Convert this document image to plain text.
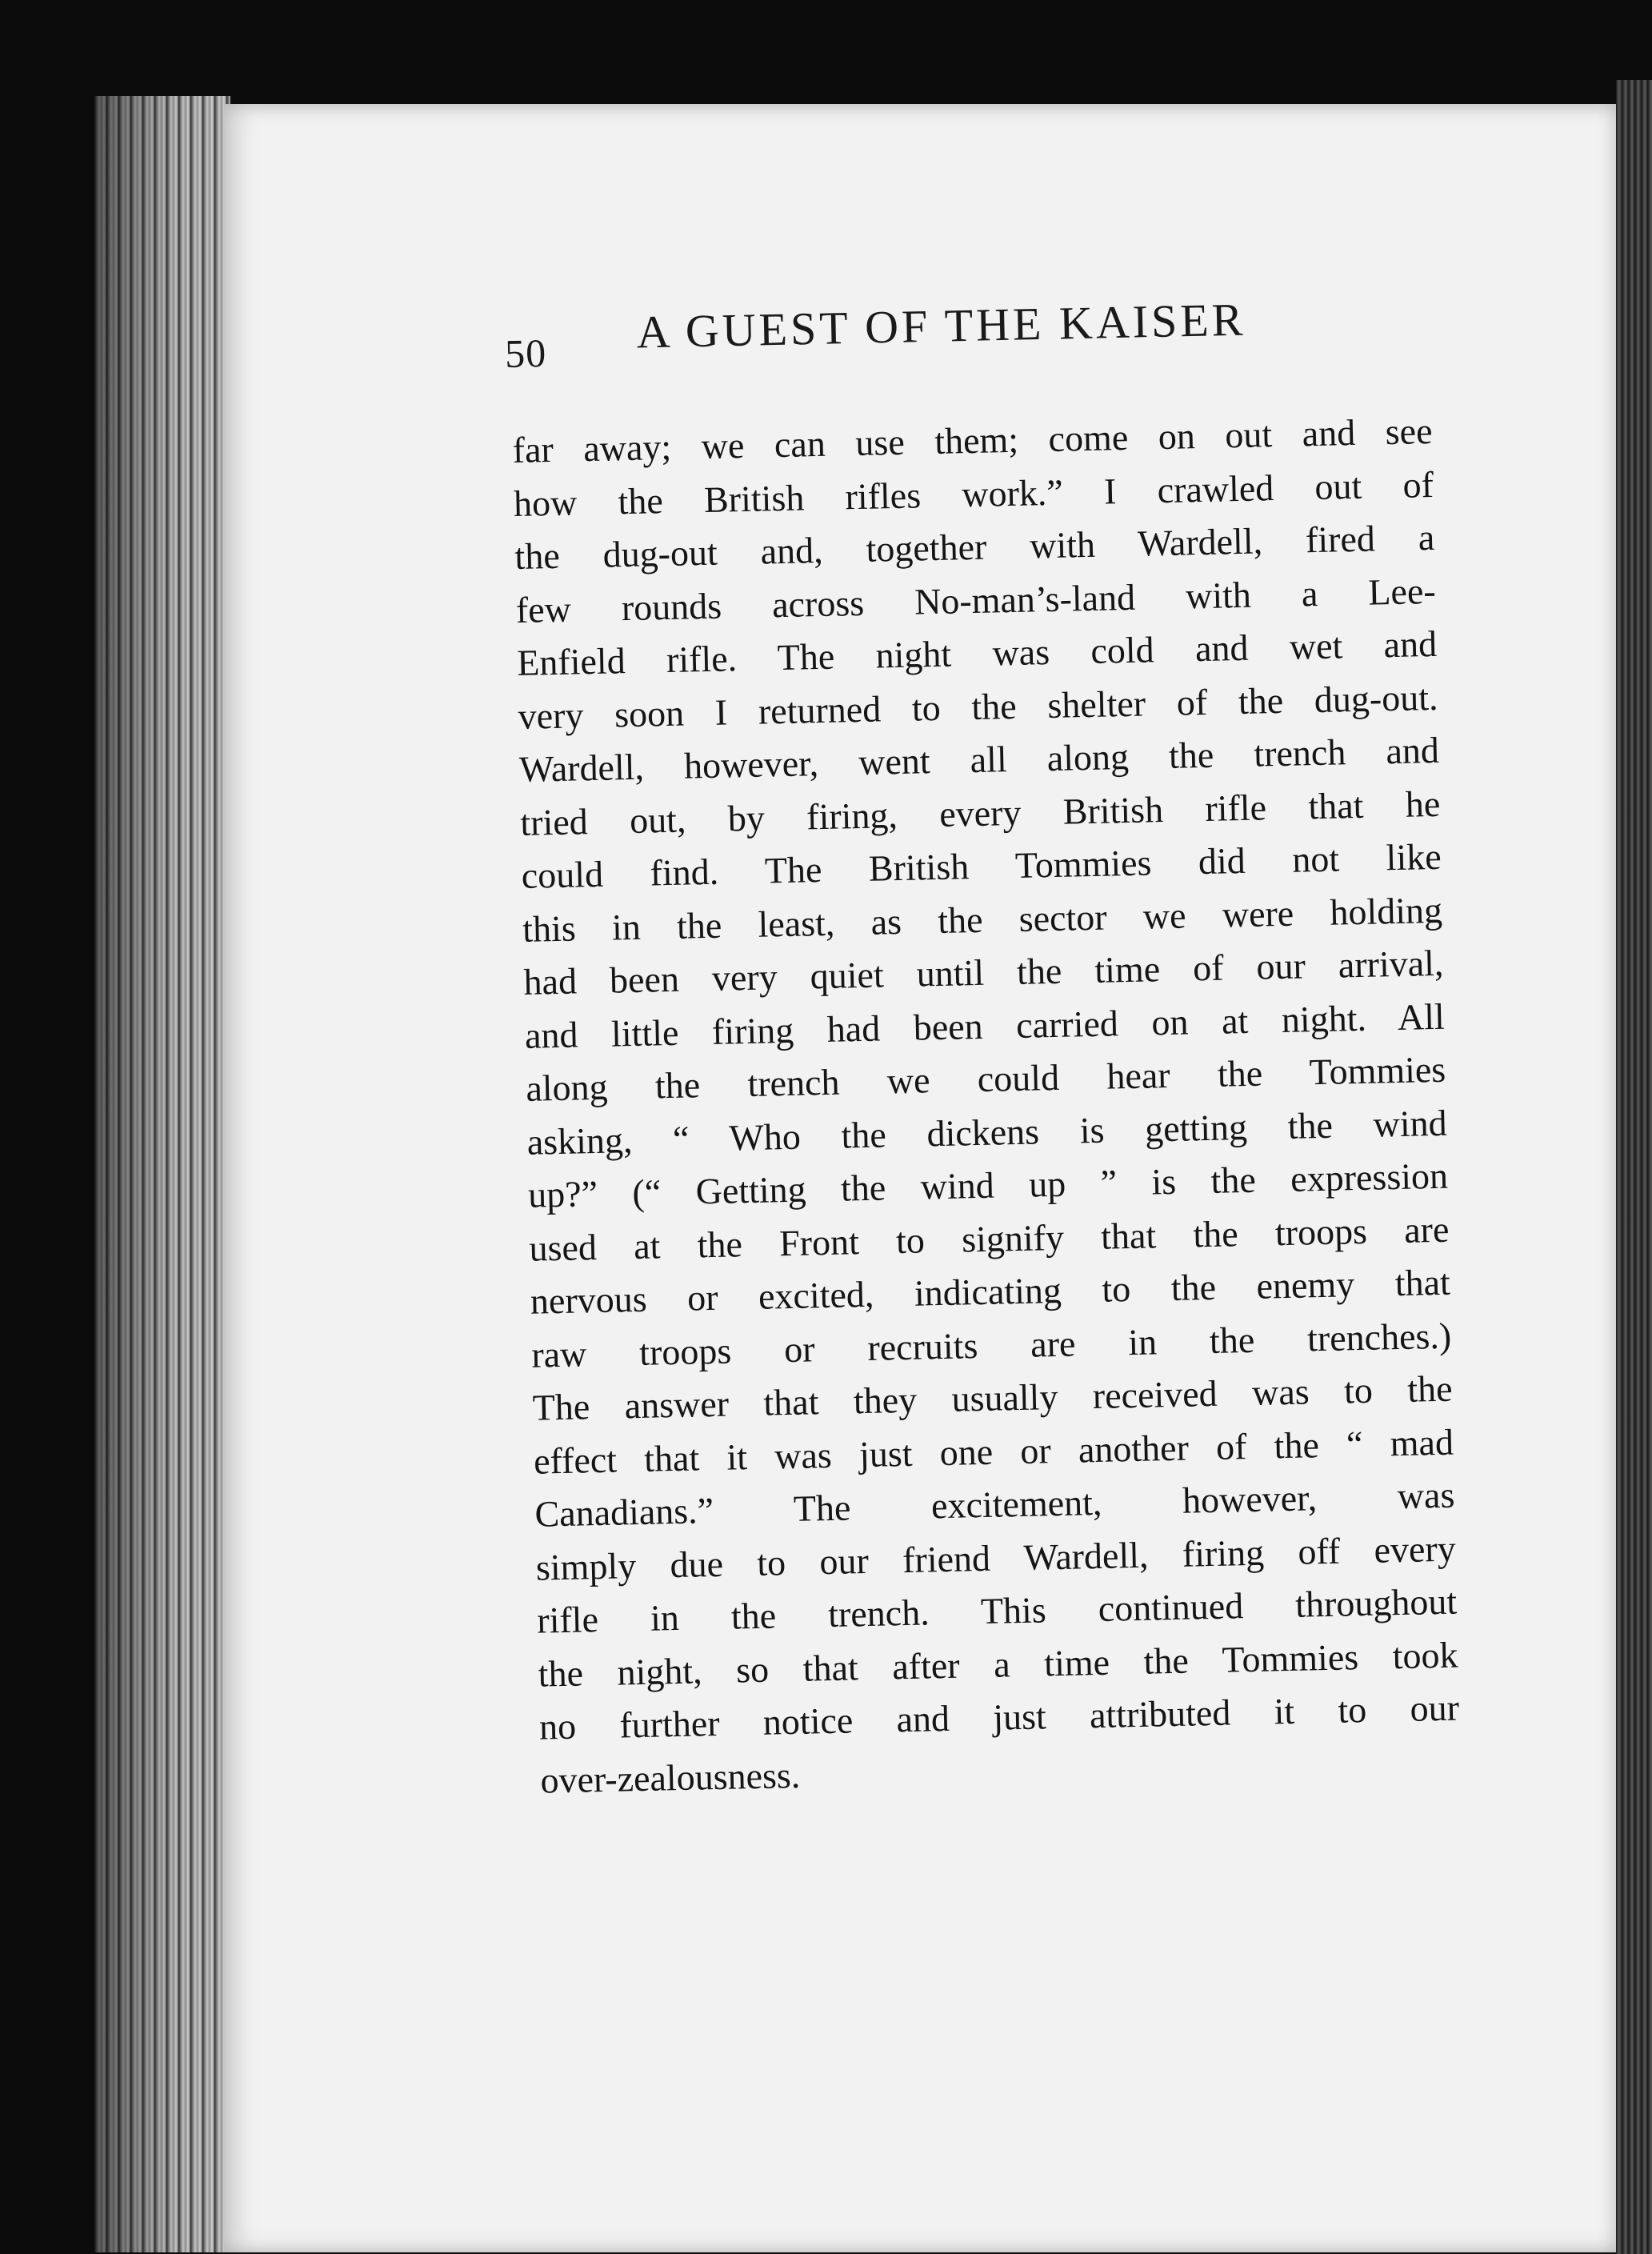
50 A GUEST OF THE KAISER
far away; we can use them; come on out and see
how the British rifles work.” I crawled out of
the dug-out and, together with Wardell, fired a
few rounds across No-man’s-land with a Lee-
Enfield rifle. The night was cold and wet and
very soon I returned to the shelter of the dug-out.
Wardell, however, went all along the trench and
tried out, by firing, every British rifle that he
could find. The British Tommies did not like
this in the least, as the sector we were holding
had been very quiet until the time of our arrival,
and little firing had been carried on at night. All
along the trench we could hear the Tommies
asking, “ Who the dickens is getting the wind
up?” (“ Getting the wind up ” is the expression
used at the Front to signify that the troops are
nervous or excited, indicating to the enemy that
raw troops or recruits are in the trenches.)
The answer that they usually received was to the
effect that it was just one or another of the “ mad
Canadians.” The excitement, however, was
simply due to our friend Wardell, firing off every
rifle in the trench. This continued throughout
the night, so that after a time the Tommies took
no further notice and just attributed it to our
over-zealousness.
